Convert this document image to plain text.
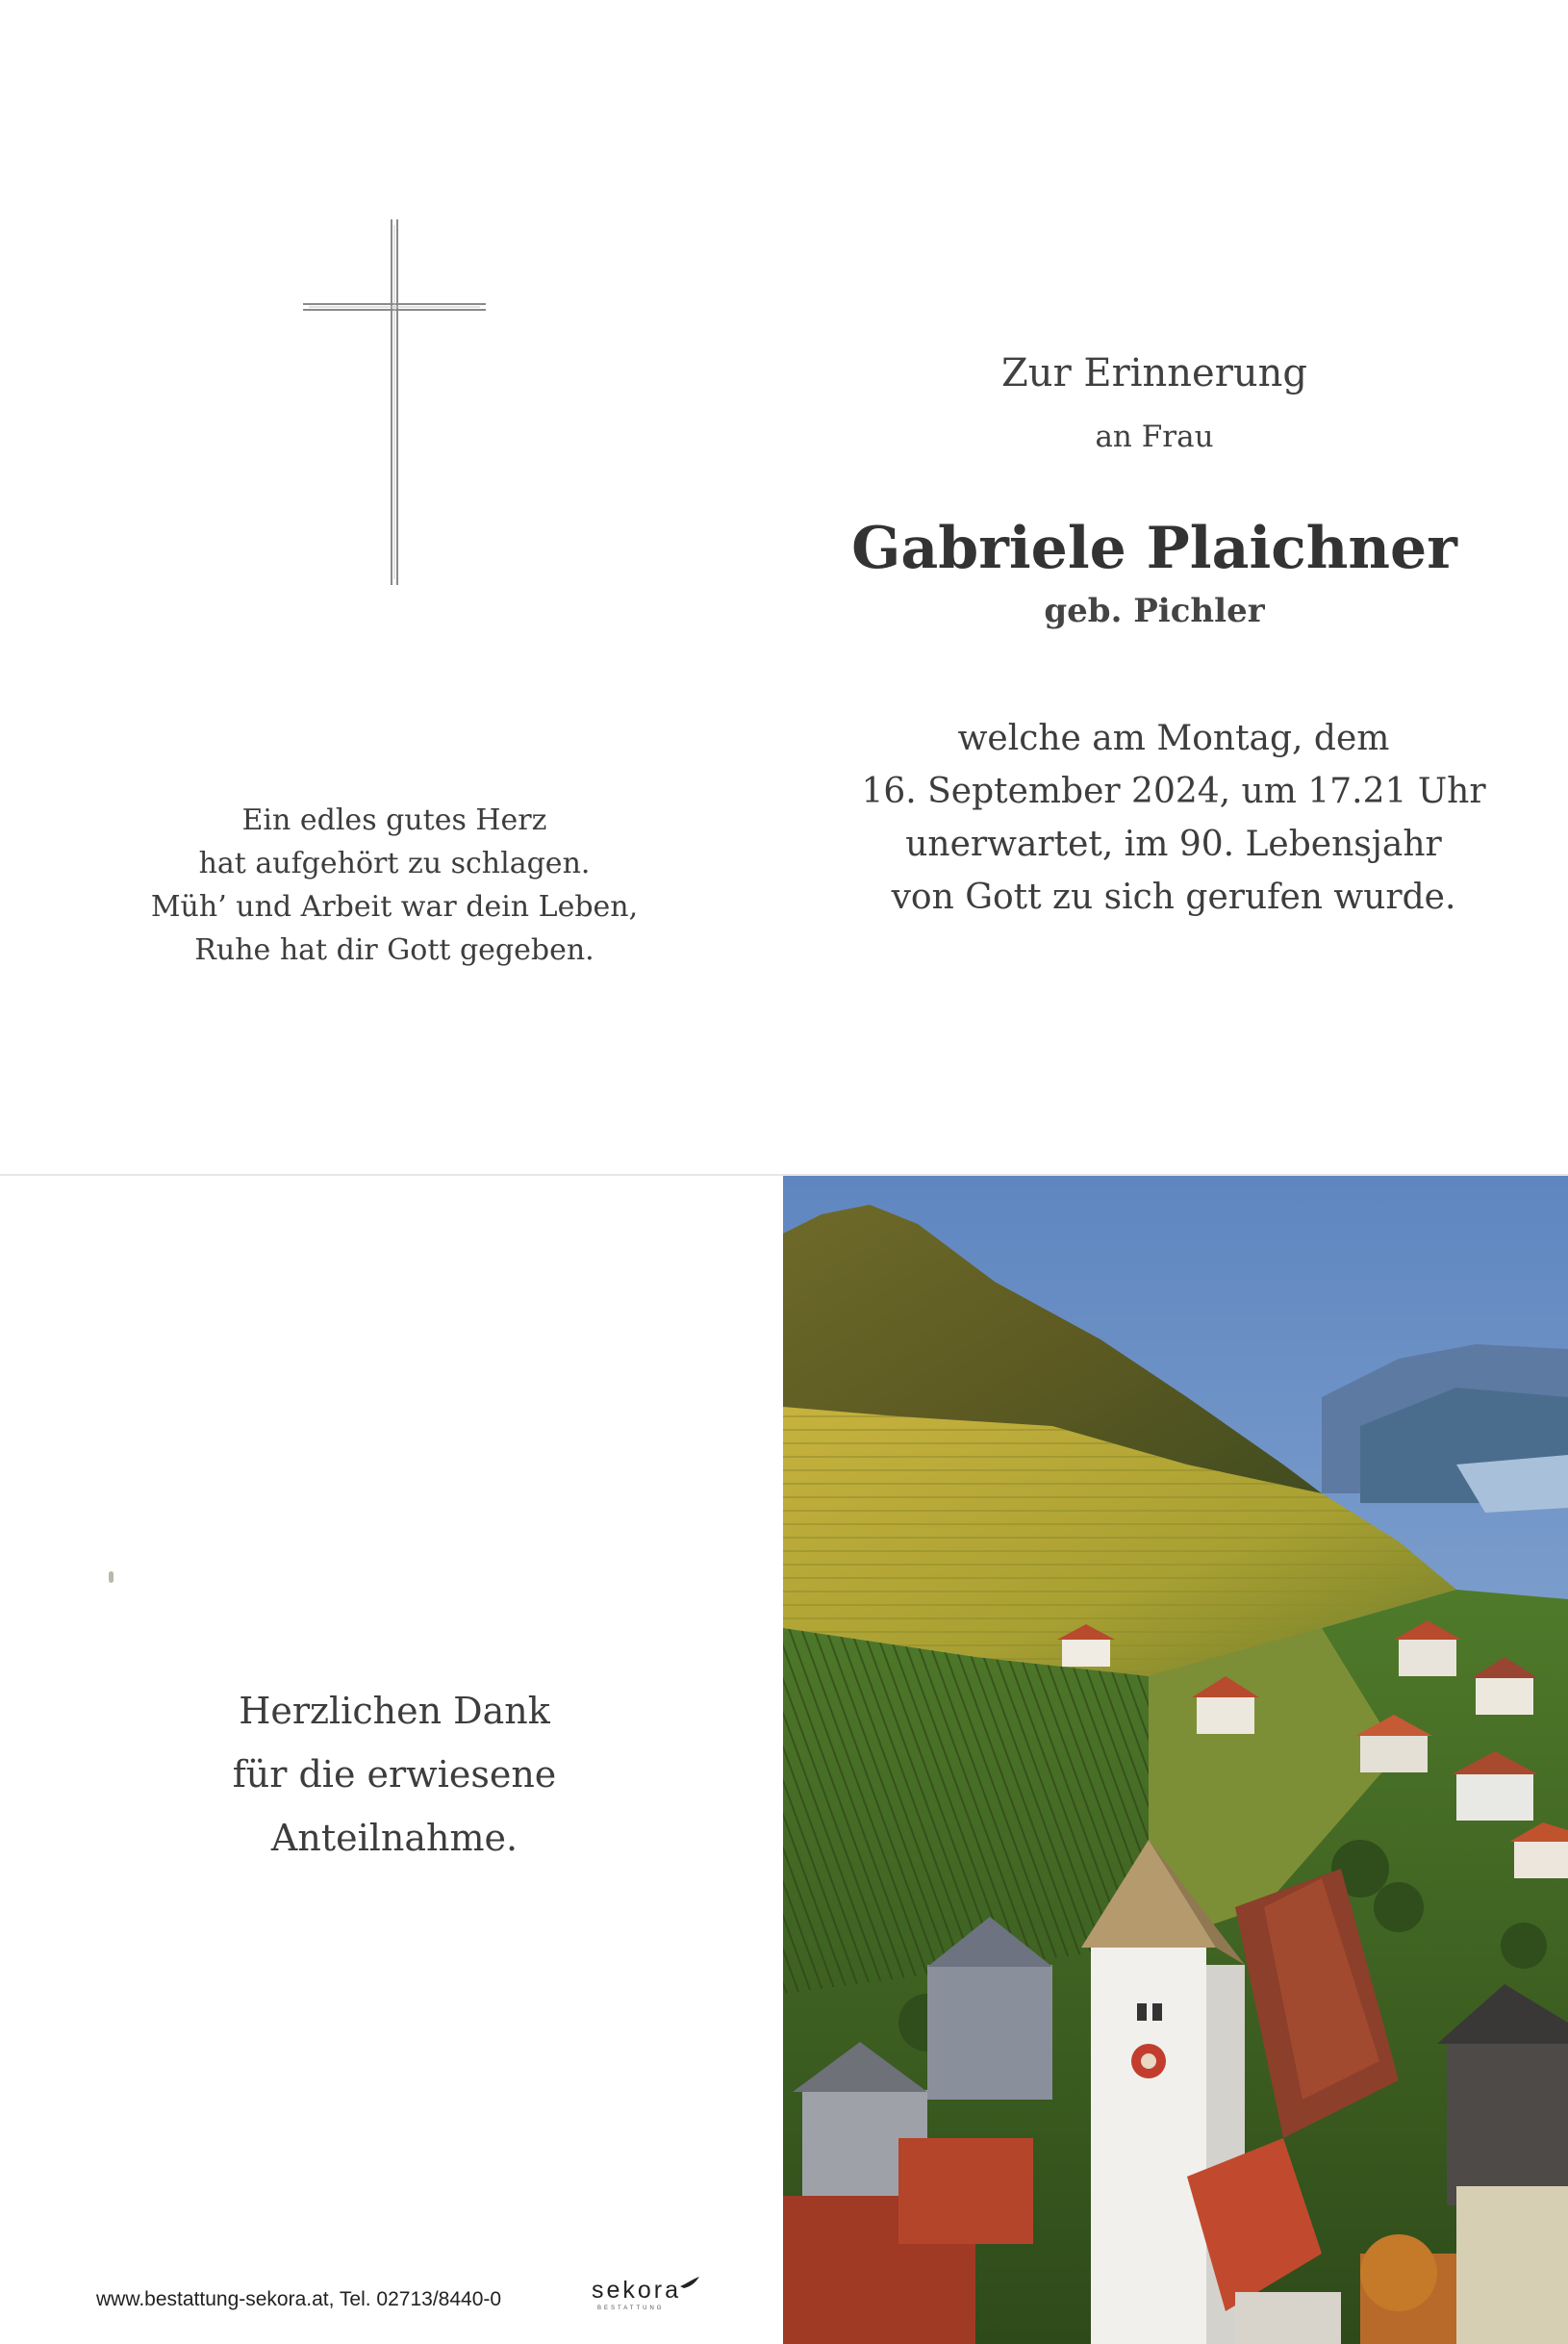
Zur Erinnerung
an Frau
Gabriele Plaichner
geb. Pichler
welche am Montag, dem
16. September 2024, um 17.21 Uhr
unerwartet, im 90. Lebensjahr
von Gott zu sich gerufen wurde.
Ein edles gutes Herz
hat aufgehört zu schlagen.
Müh’ und Arbeit war dein Leben,
Ruhe hat dir Gott gegeben.
Herzlichen Dank
für die erwiesene
Anteilnahme.
www.bestattung-sekora.at, Tel. 02713/8440-0	sekora
BESTATTUNG
